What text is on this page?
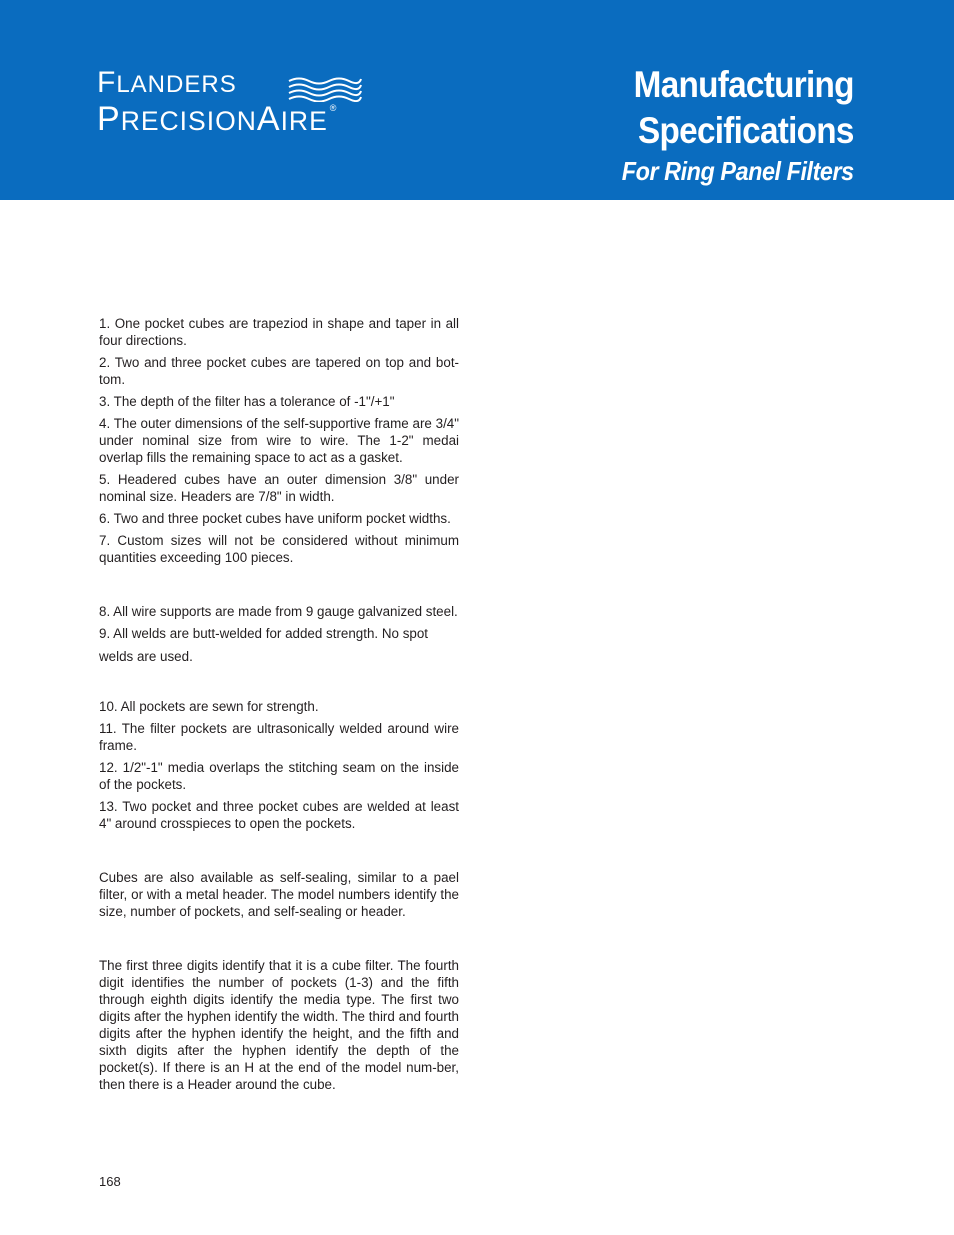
FLANDERS
PRECISIONAIRE ®
Manufacturing
Specifications
For Ring Panel Filters

1. One pocket cubes are trapeziod in shape and taper in all four directions.

2. Two and three pocket cubes are tapered on top and bot-tom.

3. The depth of the filter has a tolerance of -1"/+1"

4. The outer dimensions of the self-supportive frame are 3/4" under nominal size from wire to wire. The 1-2" medai overlap fills the remaining space to act as a gasket.

5. Headered cubes have an outer dimension 3/8" under nominal size. Headers are 7/8" in width.

6. Two and three pocket cubes have uniform pocket widths.

7. Custom sizes will not be considered without minimum quantities exceeding 100 pieces.

8. All wire supports are made from 9 gauge galvanized steel.

9. All welds are butt-welded for added strength. No spot

welds are used.

10. All pockets are sewn for strength.

11. The filter pockets are ultrasonically welded around wire frame.

12. 1/2"-1" media overlaps the stitching seam on the inside of the pockets.

13. Two pocket and three pocket cubes are welded at least 4" around crosspieces to open the pockets.

Cubes are also available as self-sealing, similar to a pael filter, or with a metal header. The model numbers identify the size, number of pockets, and self-sealing or header.

The first three digits identify that it is a cube filter. The fourth digit identifies the number of pockets (1-3) and the fifth through eighth digits identify the media type. The first two digits after the hyphen identify the width. The third and fourth digits after the hyphen identify the height, and the fifth and sixth digits after the hyphen identify the depth of the pocket(s). If there is an H at the end of the model num-ber, then there is a Header around the cube.

168
